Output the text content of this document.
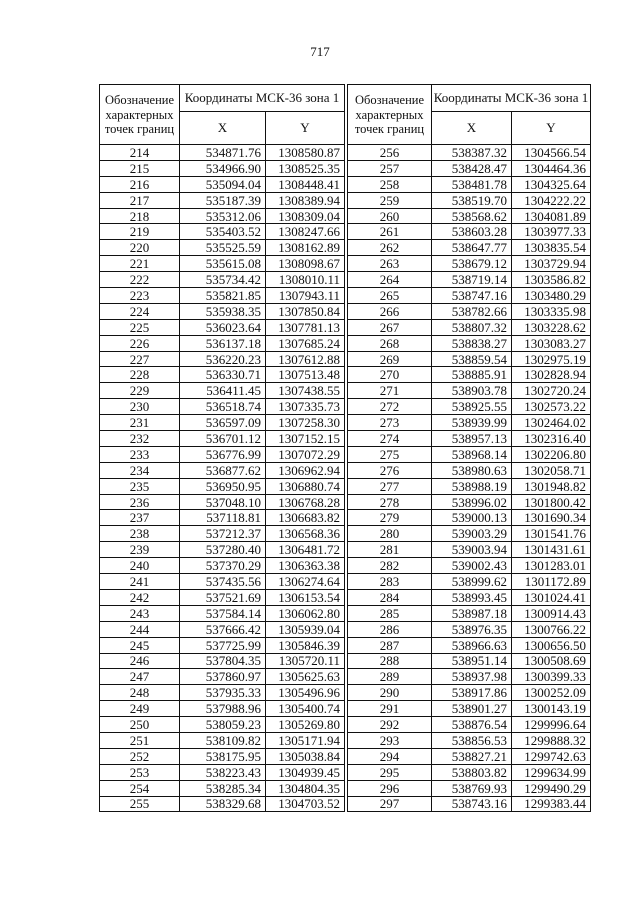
717
Обозначение характерных точек границ	Координаты МСК-36 зона 1			Обозначение характерных точек границ	Координаты МСК-36 зона 1	
	X	Y			X	Y
214	534871.76	1308580.87		256	538387.32	1304566.54
215	534966.90	1308525.35		257	538428.47	1304464.36
216	535094.04	1308448.41		258	538481.78	1304325.64
217	535187.39	1308389.94		259	538519.70	1304222.22
218	535312.06	1308309.04		260	538568.62	1304081.89
219	535403.52	1308247.66		261	538603.28	1303977.33
220	535525.59	1308162.89		262	538647.77	1303835.54
221	535615.08	1308098.67		263	538679.12	1303729.94
222	535734.42	1308010.11		264	538719.14	1303586.82
223	535821.85	1307943.11		265	538747.16	1303480.29
224	535938.35	1307850.84		266	538782.66	1303335.98
225	536023.64	1307781.13		267	538807.32	1303228.62
226	536137.18	1307685.24		268	538838.27	1303083.27
227	536220.23	1307612.88		269	538859.54	1302975.19
228	536330.71	1307513.48		270	538885.91	1302828.94
229	536411.45	1307438.55		271	538903.78	1302720.24
230	536518.74	1307335.73		272	538925.55	1302573.22
231	536597.09	1307258.30		273	538939.99	1302464.02
232	536701.12	1307152.15		274	538957.13	1302316.40
233	536776.99	1307072.29		275	538968.14	1302206.80
234	536877.62	1306962.94		276	538980.63	1302058.71
235	536950.95	1306880.74		277	538988.19	1301948.82
236	537048.10	1306768.28		278	538996.02	1301800.42
237	537118.81	1306683.82		279	539000.13	1301690.34
238	537212.37	1306568.36		280	539003.29	1301541.76
239	537280.40	1306481.72		281	539003.94	1301431.61
240	537370.29	1306363.38		282	539002.43	1301283.01
241	537435.56	1306274.64		283	538999.62	1301172.89
242	537521.69	1306153.54		284	538993.45	1301024.41
243	537584.14	1306062.80		285	538987.18	1300914.43
244	537666.42	1305939.04		286	538976.35	1300766.22
245	537725.99	1305846.39		287	538966.63	1300656.50
246	537804.35	1305720.11		288	538951.14	1300508.69
247	537860.97	1305625.63		289	538937.98	1300399.33
248	537935.33	1305496.96		290	538917.86	1300252.09
249	537988.96	1305400.74		291	538901.27	1300143.19
250	538059.23	1305269.80		292	538876.54	1299996.64
251	538109.82	1305171.94		293	538856.53	1299888.32
252	538175.95	1305038.84		294	538827.21	1299742.63
253	538223.43	1304939.45		295	538803.82	1299634.99
254	538285.34	1304804.35		296	538769.93	1299490.29
255	538329.68	1304703.52		297	538743.16	1299383.44
